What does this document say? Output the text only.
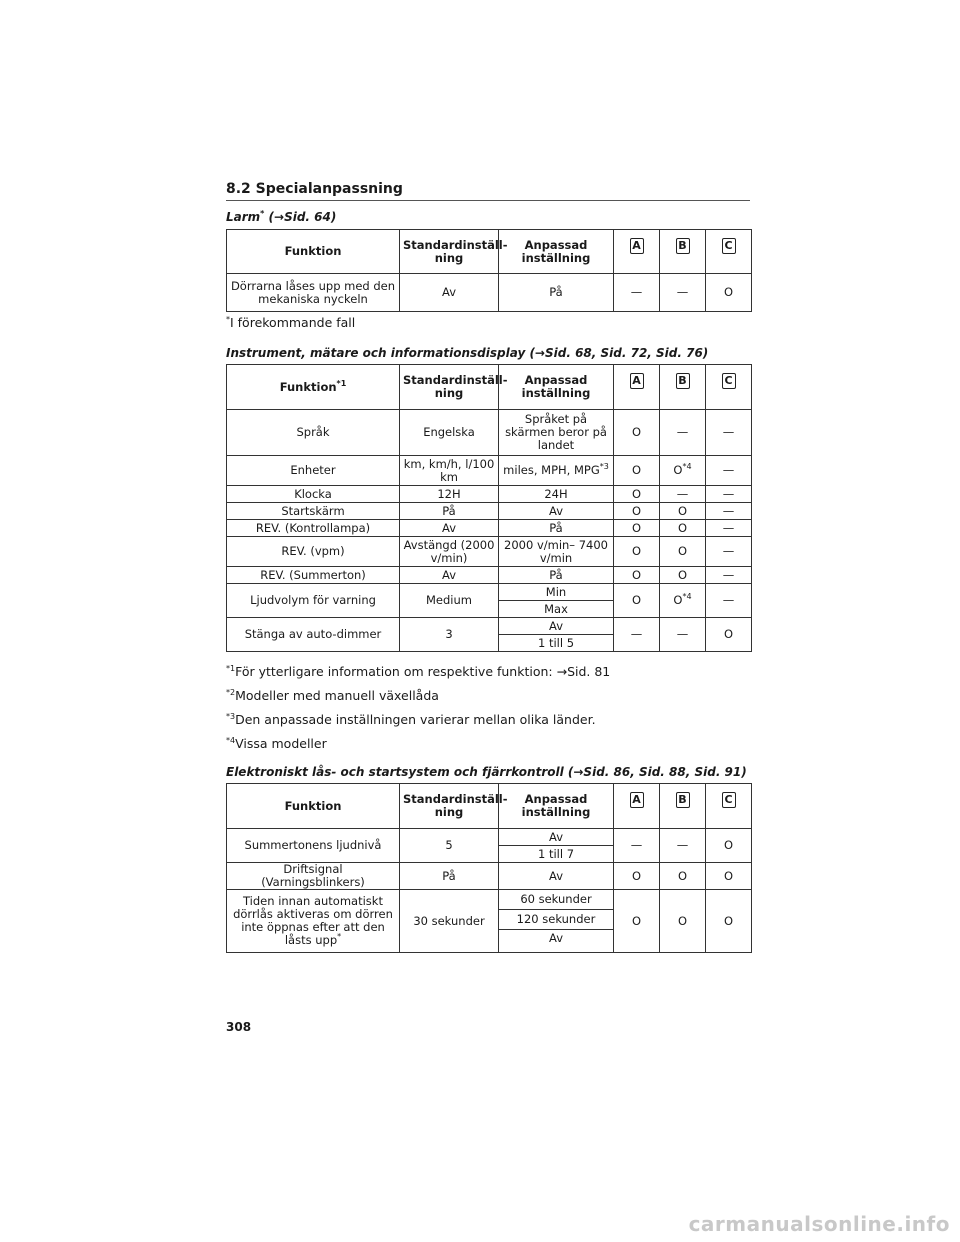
8.2 Specialanpassning
Larm* (→Sid. 64)
Funktion	Standardinställ-ning	Anpassad inställning	A	B	C
Dörrarna låses upp med den mekaniska nyckeln	Av	På	—	—	O
*I förekommande fall
Instrument, mätare och informationsdisplay (→Sid. 68, Sid. 72, Sid. 76)
Funktion$^{*1}$	Standardinställ-ning	Anpassad inställning	A	B	C
Språk	Engelska	Språket på skärmen beror på landet	O	—	—
Enheter	km, km/h, l/100 km	miles, MPH, MPG$^{*3}$	O	$O^{*4}$	—
Klocka	12H	24H	O	—	—
Startskärm	På	Av	O	O	—
REV. (Kontrollampa)	Av	På	O	O	—
REV. (vpm)	Avstängd (2000 v/min)	2000 v/min– 7400 v/min	O	O	—
REV. (Summerton)	Av	På	O	O	—
Ljudvolym för varning	Medium	Min	O	$O^{*4}$	—
		Max			
Stänga av auto-dimmer	3	Av	—	—	O
		1 till 5			
$^{*1}$För ytterligare information om respektive funktion: →Sid. 81
$^{*2}$Modeller med manuell växellåda
$^{*3}$Den anpassade inställningen varierar mellan olika länder.
$^{*4}$Vissa modeller
Elektroniskt lås- och startsystem och fjärrkontroll (→Sid. 86, Sid. 88, Sid. 91)
Funktion	Standardinställ-ning	Anpassad inställning	A	B	C
Summertonens ljudnivå	5	Av	—	—	O
		1 till 7			
Driftsignal (Varningsblinkers)	På	Av	O	O	O
Tiden innan automatiskt dörrlås aktiveras om dörren inte öppnas efter att den låsts upp*	30 sekunder	60 sekunder	O	O	O
		120 sekunder			
		Av			
308
carmanualsonline.info
